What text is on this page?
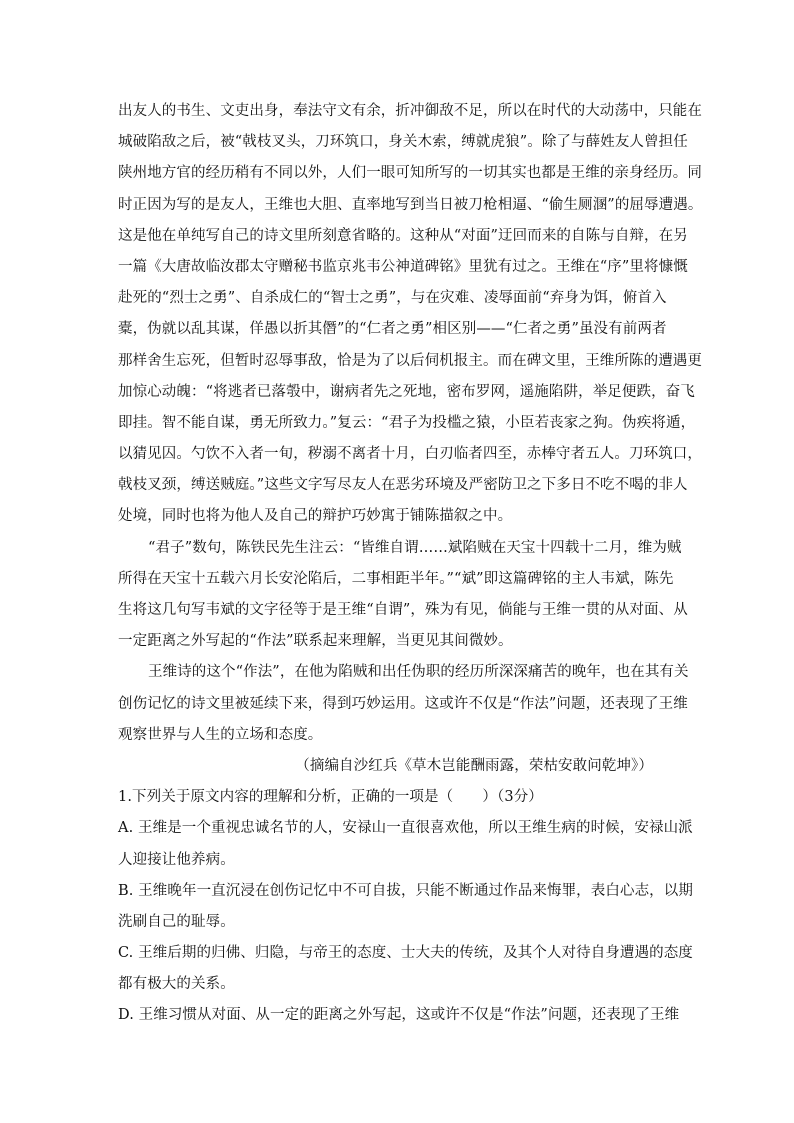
出友人的书生、文吏出身，奉法守文有余，折冲御敌不足，所以在时代的大动荡中，只能在
城破陷敌之后，被“戟枝叉头，刀环筑口，身关木索，缚就虎狼”。除了与薛姓友人曾担任
陕州地方官的经历稍有不同以外，人们一眼可知所写的一切其实也都是王维的亲身经历。同
时正因为写的是友人，王维也大胆、直率地写到当日被刀枪相逼、“偷生厕溷”的屈辱遭遇。
这是他在单纯写自己的诗文里所刻意省略的。这种从“对面”迂回而来的自陈与自辩，在另
一篇《大唐故临汝郡太守赠秘书监京兆韦公神道碑铭》里犹有过之。王维在“序”里将慷慨
赴死的“烈士之勇”、自杀成仁的“智士之勇”，与在灾难、凌辱面前“弃身为饵，俯首入
橐，伪就以乱其谋，佯愚以折其僭”的“仁者之勇”相区别——“仁者之勇”虽没有前两者
那样舍生忘死，但暂时忍辱事敌，恰是为了以后伺机报主。而在碑文里，王维所陈的遭遇更
加惊心动魄：“将逃者已落彀中，谢病者先之死地，密布罗网，遥施陷阱，举足便跌，奋飞
即挂。智不能自谋，勇无所致力。”复云：“君子为投槛之猿，小臣若丧家之狗。伪疾将遁，
以猜见囚。勺饮不入者一旬，秽溺不离者十月，白刃临者四至，赤棒守者五人。刀环筑口，
戟枝叉颈，缚送贼庭。”这些文字写尽友人在恶劣环境及严密防卫之下多日不吃不喝的非人
处境，同时也将为他人及自己的辩护巧妙寓于铺陈描叙之中。
“君子”数句，陈铁民先生注云：“皆维自谓……斌陷贼在天宝十四载十二月，维为贼
所得在天宝十五载六月长安沦陷后，二事相距半年。”“斌”即这篇碑铭的主人韦斌，陈先
生将这几句写韦斌的文字径等于是王维“自谓”，殊为有见，倘能与王维一贯的从对面、从
一定距离之外写起的“作法”联系起来理解，当更见其间微妙。
王维诗的这个“作法”，在他为陷贼和出任伪职的经历所深深痛苦的晚年，也在其有关
创伤记忆的诗文里被延续下来，得到巧妙运用。这或许不仅是“作法”问题，还表现了王维
观察世界与人生的立场和态度。
（摘编自沙红兵《草木岂能酬雨露，荣枯安敢问乾坤》）
1.下列关于原文内容的理解和分析，正确的一项是（　　）（3分）
A. 王维是一个重视忠诚名节的人，安禄山一直很喜欢他，所以王维生病的时候，安禄山派
人迎接让他养病。
B. 王维晚年一直沉浸在创伤记忆中不可自拔，只能不断通过作品来悔罪，表白心志，以期
洗刷自己的耻辱。
C. 王维后期的归佛、归隐，与帝王的态度、士大夫的传统，及其个人对待自身遭遇的态度
都有极大的关系。
D. 王维习惯从对面、从一定的距离之外写起，这或许不仅是“作法”问题，还表现了王维
